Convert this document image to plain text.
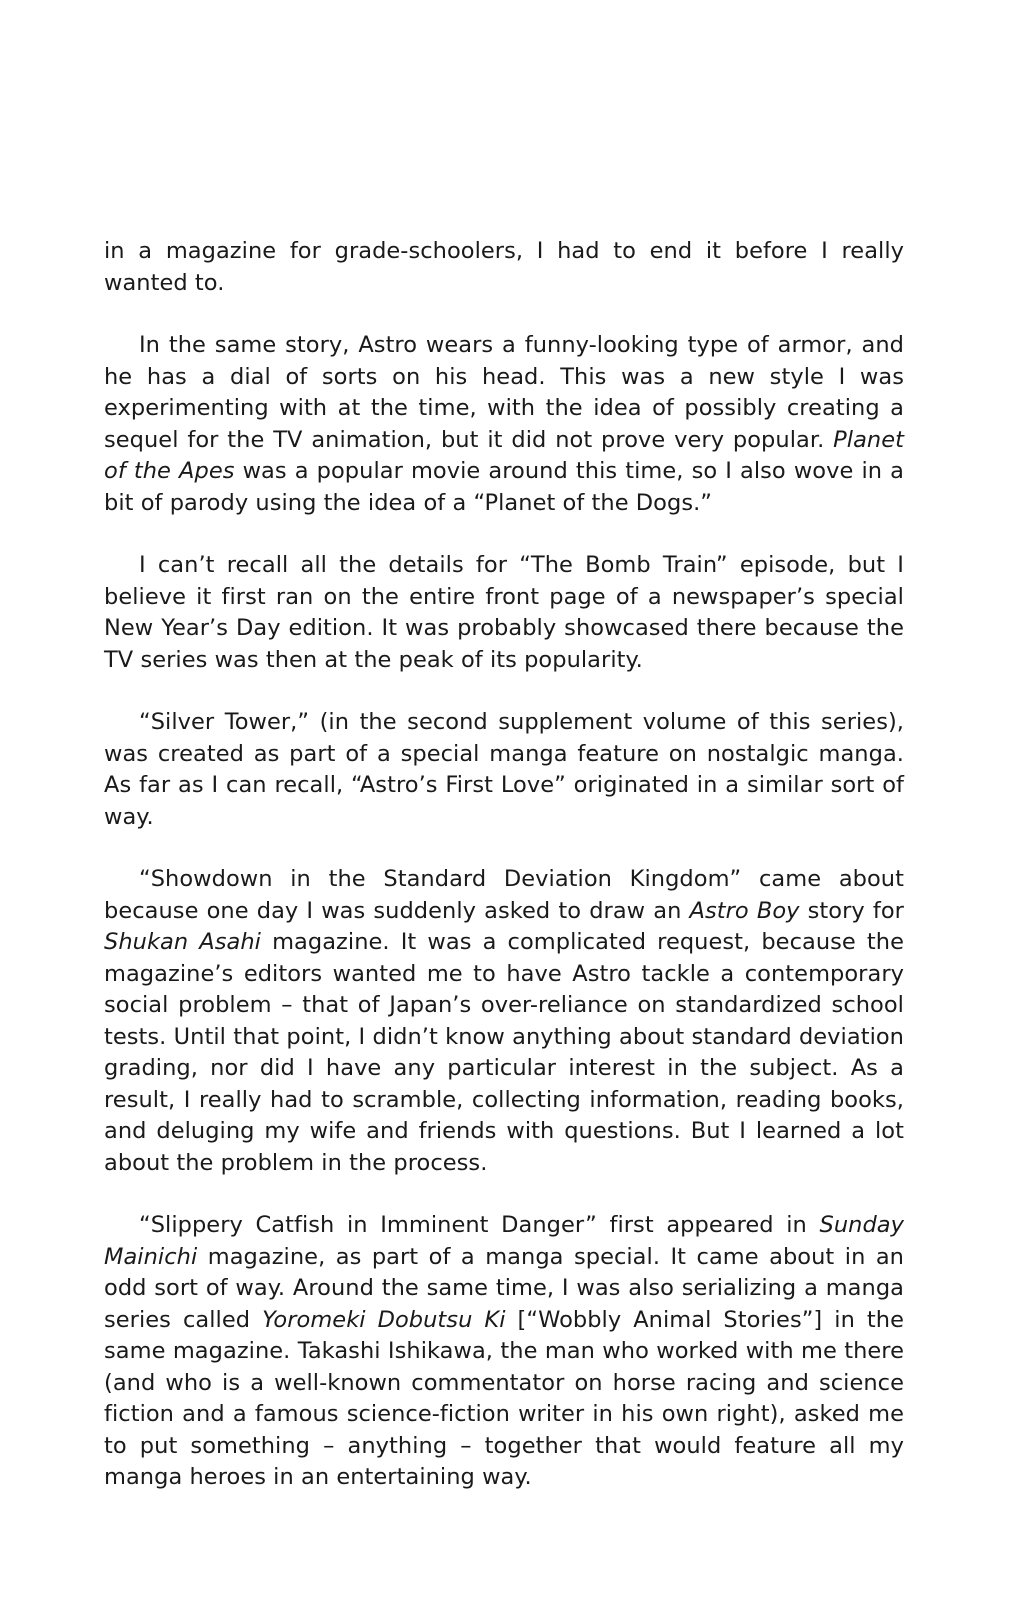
in a magazine for grade-schoolers, I had to end it before I really wanted to.

In the same story, Astro wears a funny-looking type of armor, and he has a dial of sorts on his head. This was a new style I was experimenting with at the time, with the idea of possibly creating a sequel for the TV animation, but it did not prove very popular. Planet of the Apes was a popular movie around this time, so I also wove in a bit of parody using the idea of a “Planet of the Dogs.”

I can’t recall all the details for “The Bomb Train” episode, but I believe it first ran on the entire front page of a newspaper’s special New Year’s Day edition. It was probably showcased there because the TV series was then at the peak of its popularity.

“Silver Tower,” (in the second supplement volume of this series), was created as part of a special manga feature on nostalgic manga. As far as I can recall, “Astro’s First Love” originated in a similar sort of way.

“Showdown in the Standard Deviation Kingdom” came about because one day I was suddenly asked to draw an Astro Boy story for Shukan Asahi magazine. It was a complicated request, because the magazine’s editors wanted me to have Astro tackle a contemporary social problem – that of Japan’s over-reliance on standardized school tests. Until that point, I didn’t know anything about standard deviation grading, nor did I have any particular interest in the subject. As a result, I really had to scramble, collecting information, reading books, and deluging my wife and friends with questions. But I learned a lot about the problem in the process.

“Slippery Catfish in Imminent Danger” first appeared in Sunday Mainichi magazine, as part of a manga special. It came about in an odd sort of way. Around the same time, I was also serializing a manga series called Yoromeki Dobutsu Ki [“Wobbly Animal Stories”] in the same magazine. Takashi Ishikawa, the man who worked with me there (and who is a well-known commentator on horse racing and science fiction and a famous science-fiction writer in his own right), asked me to put something – anything – together that would feature all my manga heroes in an entertaining way.
